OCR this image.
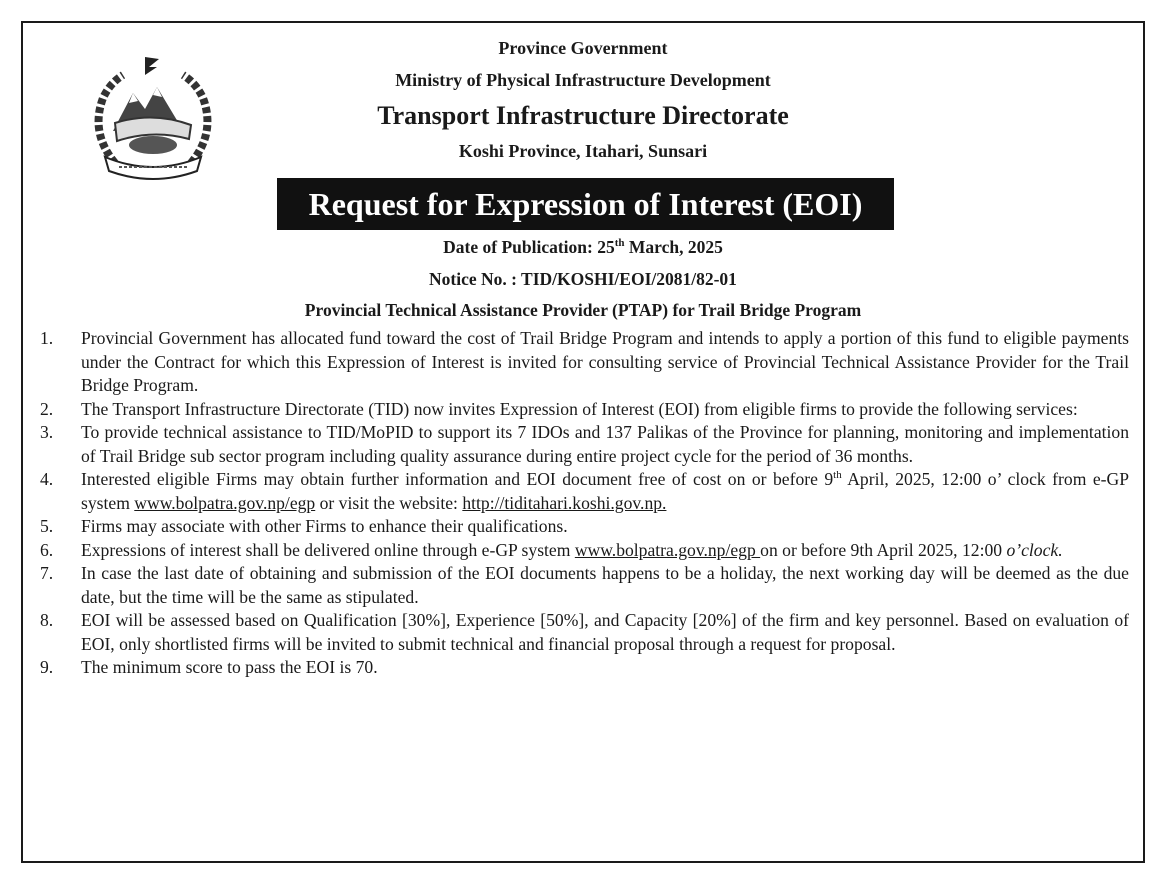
Province Government
Ministry of Physical Infrastructure Development
Transport Infrastructure Directorate
Koshi Province, Itahari, Sunsari
Request for Expression of Interest (EOI)
Date of Publication: 25th March, 2025
Notice No. : TID/KOSHI/EOI/2081/82-01
Provincial Technical Assistance Provider (PTAP) for Trail Bridge Program
1.	Provincial Government has allocated fund toward the cost of Trail Bridge Program and intends to apply a portion of this fund to eligible payments under the Contract for which this Expression of Interest is invited for consulting service of Provincial Technical Assistance Provider for the Trail Bridge Program.
2.	The Transport Infrastructure Directorate (TID) now invites Expression of Interest (EOI) from eligible firms to provide the following services:
3.	To provide technical assistance to TID/MoPID to support its 7 IDOs and 137 Palikas of the Province for planning, monitoring and implementation of Trail Bridge sub sector program including quality assurance during entire project cycle for the period of 36 months.
4.	Interested eligible Firms may obtain further information and EOI document free of cost on or before 9th April, 2025, 12:00 o’ clock from e-GP system www.bolpatra.gov.np/egp or visit the website: http://tiditahari.koshi.gov.np.
5.	Firms may associate with other Firms to enhance their qualifications.
6.	Expressions of interest shall be delivered online through e-GP system www.bolpatra.gov.np/egp on or before 9th April 2025, 12:00 o’clock.
7.	In case the last date of obtaining and submission of the EOI documents happens to be a holiday, the next working day will be deemed as the due date, but the time will be the same as stipulated.
8.	EOI will be assessed based on Qualification [30%], Experience [50%], and Capacity [20%] of the firm and key personnel. Based on evaluation of EOI, only shortlisted firms will be invited to submit technical and financial proposal through a request for proposal.
9.	The minimum score to pass the EOI is 70.
